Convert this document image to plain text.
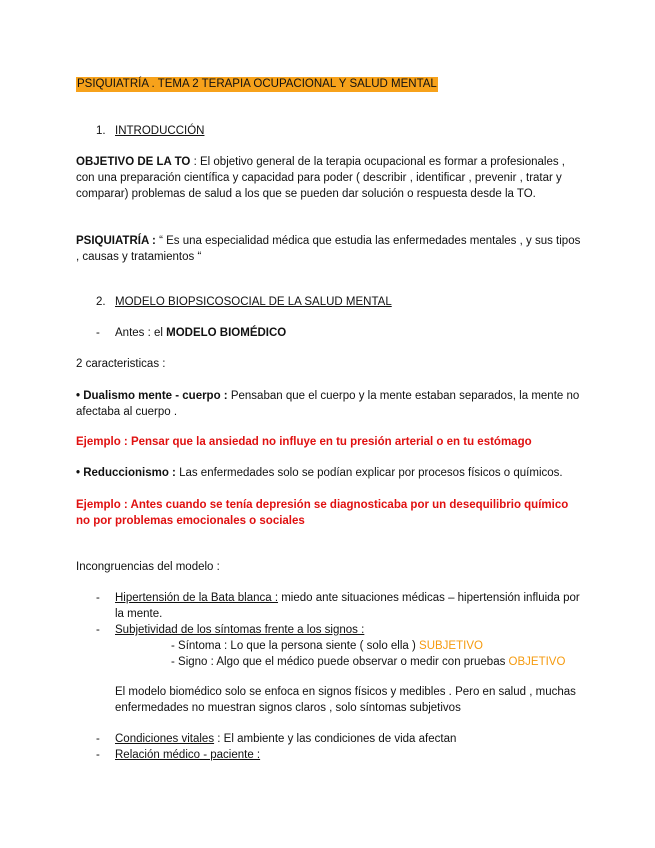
PSIQUIATRÍA . TEMA 2 TERAPIA OCUPACIONAL Y SALUD MENTAL
1. INTRODUCCIÓN
OBJETIVO DE LA TO : El objetivo general de la terapia ocupacional es formar a profesionales , con una preparación científica y capacidad para poder ( describir , identificar , prevenir , tratar y comparar) problemas de salud a los que se pueden dar solución o respuesta desde la TO.
PSIQUIATRÍA : “ Es una especialidad médica que estudia las enfermedades mentales , y sus tipos , causas y tratamientos “
2. MODELO BIOPSICOSOCIAL DE LA SALUD MENTAL
- Antes : el MODELO BIOMÉDICO
2 caracteristicas :
• Dualismo mente - cuerpo : Pensaban que el cuerpo y la mente estaban separados, la mente no afectaba al cuerpo .
Ejemplo : Pensar que la ansiedad no influye en tu presión arterial o en tu estómago
• Reduccionismo : Las enfermedades solo se podían explicar por procesos físicos o químicos.
Ejemplo : Antes cuando se tenía depresión se diagnosticaba por un desequilibrio químico no por problemas emocionales o sociales
Incongruencias del modelo :
- Hipertensión de la Bata blanca : miedo ante situaciones médicas – hipertensión influida por la mente.
- Subjetividad de los síntomas frente a los signos :
- Síntoma : Lo que la persona siente ( solo ella ) SUBJETIVO
- Signo : Algo que el médico puede observar o medir con pruebas OBJETIVO
El modelo biomédico solo se enfoca en signos físicos y medibles . Pero en salud , muchas enfermedades no muestran signos claros , solo síntomas subjetivos
- Condiciones vitales : El ambiente y las condiciones de vida afectan
- Relación médico - paciente :
